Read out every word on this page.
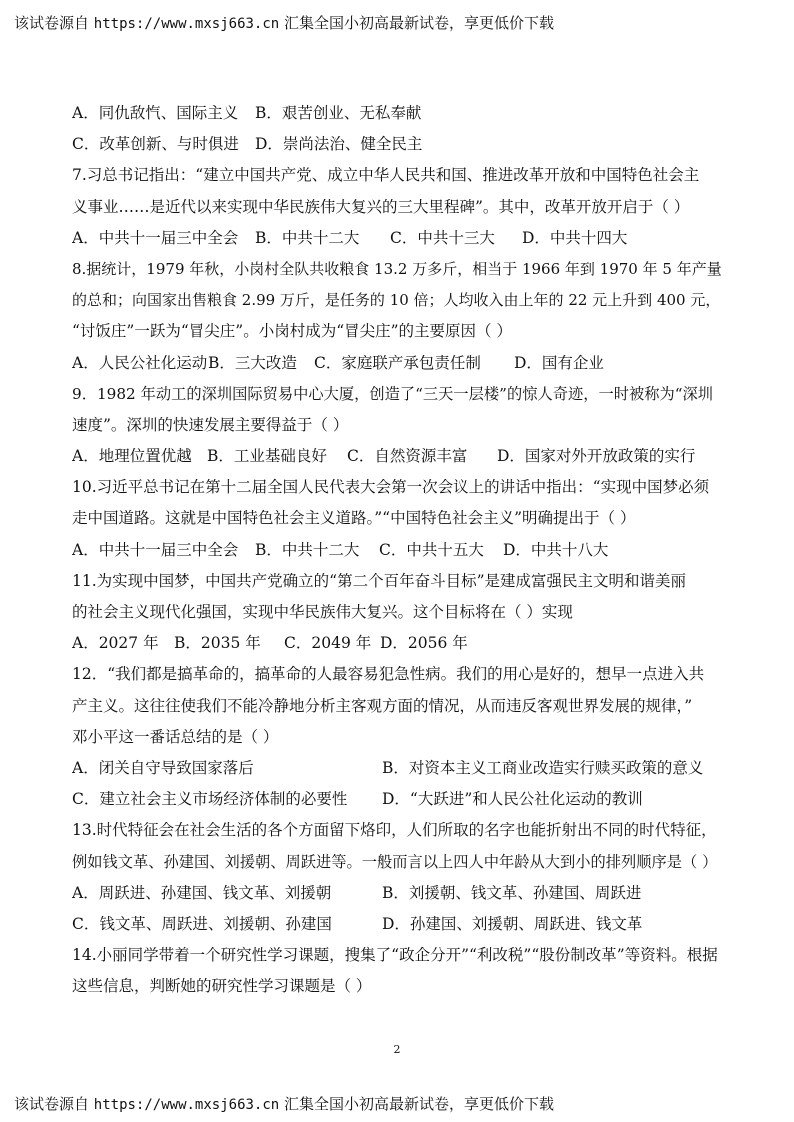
该试卷源自 https://www.mxsj663.cn 汇集全国小初高最新试卷，享更低价下载
A．同仇敌忾、国际主义 B．艰苦创业、无私奉献
C．改革创新、与时俱进 D．崇尚法治、健全民主
7.习总书记指出：“建立中国共产党、成立中华人民共和国、推进改革开放和中国特色社会主
义事业……是近代以来实现中华民族伟大复兴的三大里程碑”。其中，改革开放开启于（ ）
A．中共十一届三中全会 B．中共十二大 C．中共十三大 D．中共十四大
8.据统计，1979 年秋，小岗村全队共收粮食 13.2 万多斤，相当于 1966 年到 1970 年 5 年产量
的总和；向国家出售粮食 2.99 万斤，是任务的 10 倍；人均收入由上年的 22 元上升到 400 元，
“讨饭庄”一跃为“冒尖庄”。小岗村成为“冒尖庄”的主要原因（ ）
A．人民公社化运动B．三大改造 C．家庭联产承包责任制 D．国有企业
9．1982 年动工的深圳国际贸易中心大厦，创造了“三天一层楼”的惊人奇迹，一时被称为“深圳
速度”。深圳的快速发展主要得益于（ ）
A．地理位置优越 B．工业基础良好 C．自然资源丰富 D．国家对外开放政策的实行
10.习近平总书记在第十二届全国人民代表大会第一次会议上的讲话中指出：“实现中国梦必须
走中国道路。这就是中国特色社会主义道路。”“中国特色社会主义”明确提出于（ ）
A．中共十一届三中全会 B．中共十二大 C．中共十五大 D．中共十八大
11.为实现中国梦，中国共产党确立的“第二个百年奋斗目标”是建成富强民主文明和谐美丽
的社会主义现代化强国，实现中华民族伟大复兴。这个目标将在（ ）实现
A．2027 年 B．2035 年 C．2049 年 D．2056 年
12．“我们都是搞革命的，搞革命的人最容易犯急性病。我们的用心是好的，想早一点进入共
产主义。这往往使我们不能冷静地分析主客观方面的情况，从而违反客观世界发展的规律，”
邓小平这一番话总结的是（ ）
A．闭关自守导致国家落后	B．对资本主义工商业改造实行赎买政策的意义
C．建立社会主义市场经济体制的必要性 D．“大跃进”和人民公社化运动的教训
13.时代特征会在社会生活的各个方面留下烙印，人们所取的名字也能折射出不同的时代特征，
例如钱文革、孙建国、刘援朝、周跃进等。一般而言以上四人中年龄从大到小的排列顺序是（ ）
A．周跃进、孙建国、钱文革、刘援朝	B．刘援朝、钱文革、孙建国、周跃进
C．钱文革、周跃进、刘援朝、孙建国	D．孙建国、刘援朝、周跃进、钱文革
14.小丽同学带着一个研究性学习课题，搜集了“政企分开”“利改税”“股份制改革”等资料。根据
这些信息，判断她的研究性学习课题是（ ）
2
该试卷源自 https://www.mxsj663.cn 汇集全国小初高最新试卷，享更低价下载
